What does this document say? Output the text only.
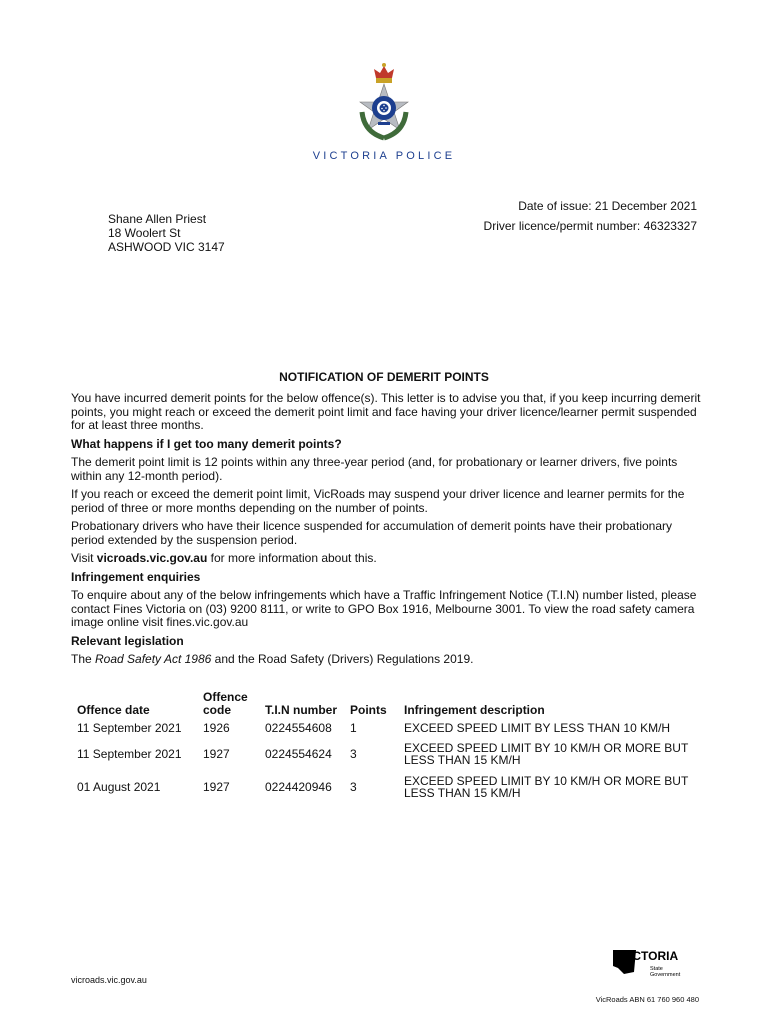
VICTORIA POLICE
Date of issue: 21 December 2021
Driver licence/permit number: 46323327
Shane Allen Priest
18 Woolert St
ASHWOOD VIC 3147
NOTIFICATION OF DEMERIT POINTS

You have incurred demerit points for the below offence(s). This letter is to advise you that, if you keep incurring demerit points, you might reach or exceed the demerit point limit and face having your driver licence/learner permit suspended for at least three months.

What happens if I get too many demerit points?

The demerit point limit is 12 points within any three-year period (and, for probationary or learner drivers, five points within any 12-month period).

If you reach or exceed the demerit point limit, VicRoads may suspend your driver licence and learner permits for the period of three or more months depending on the number of points.

Probationary drivers who have their licence suspended for accumulation of demerit points have their probationary period extended by the suspension period.

Visit vicroads.vic.gov.au for more information about this.

Infringement enquiries

To enquire about any of the below infringements which have a Traffic Infringement Notice (T.I.N) number listed, please contact Fines Victoria on (03) 9200 8111, or write to GPO Box 1916, Melbourne 3001. To view the road safety camera image online visit fines.vic.gov.au

Relevant legislation

The Road Safety Act 1986 and the Road Safety (Drivers) Regulations 2019.

Offence date	Offence code	T.I.N number	Points	Infringement description
11 September 2021	1926	0224554608	1	EXCEED SPEED LIMIT BY LESS THAN 10 KM/H
11 September 2021	1927	0224554624	3	EXCEED SPEED LIMIT BY 10 KM/H OR MORE BUT LESS THAN 15 KM/H
01 August 2021	1927	0224420946	3	EXCEED SPEED LIMIT BY 10 KM/H OR MORE BUT LESS THAN 15 KM/H
vicroads.vic.gov.au
VICTORIA
State
Government
VicRoads ABN 61 760 960 480
